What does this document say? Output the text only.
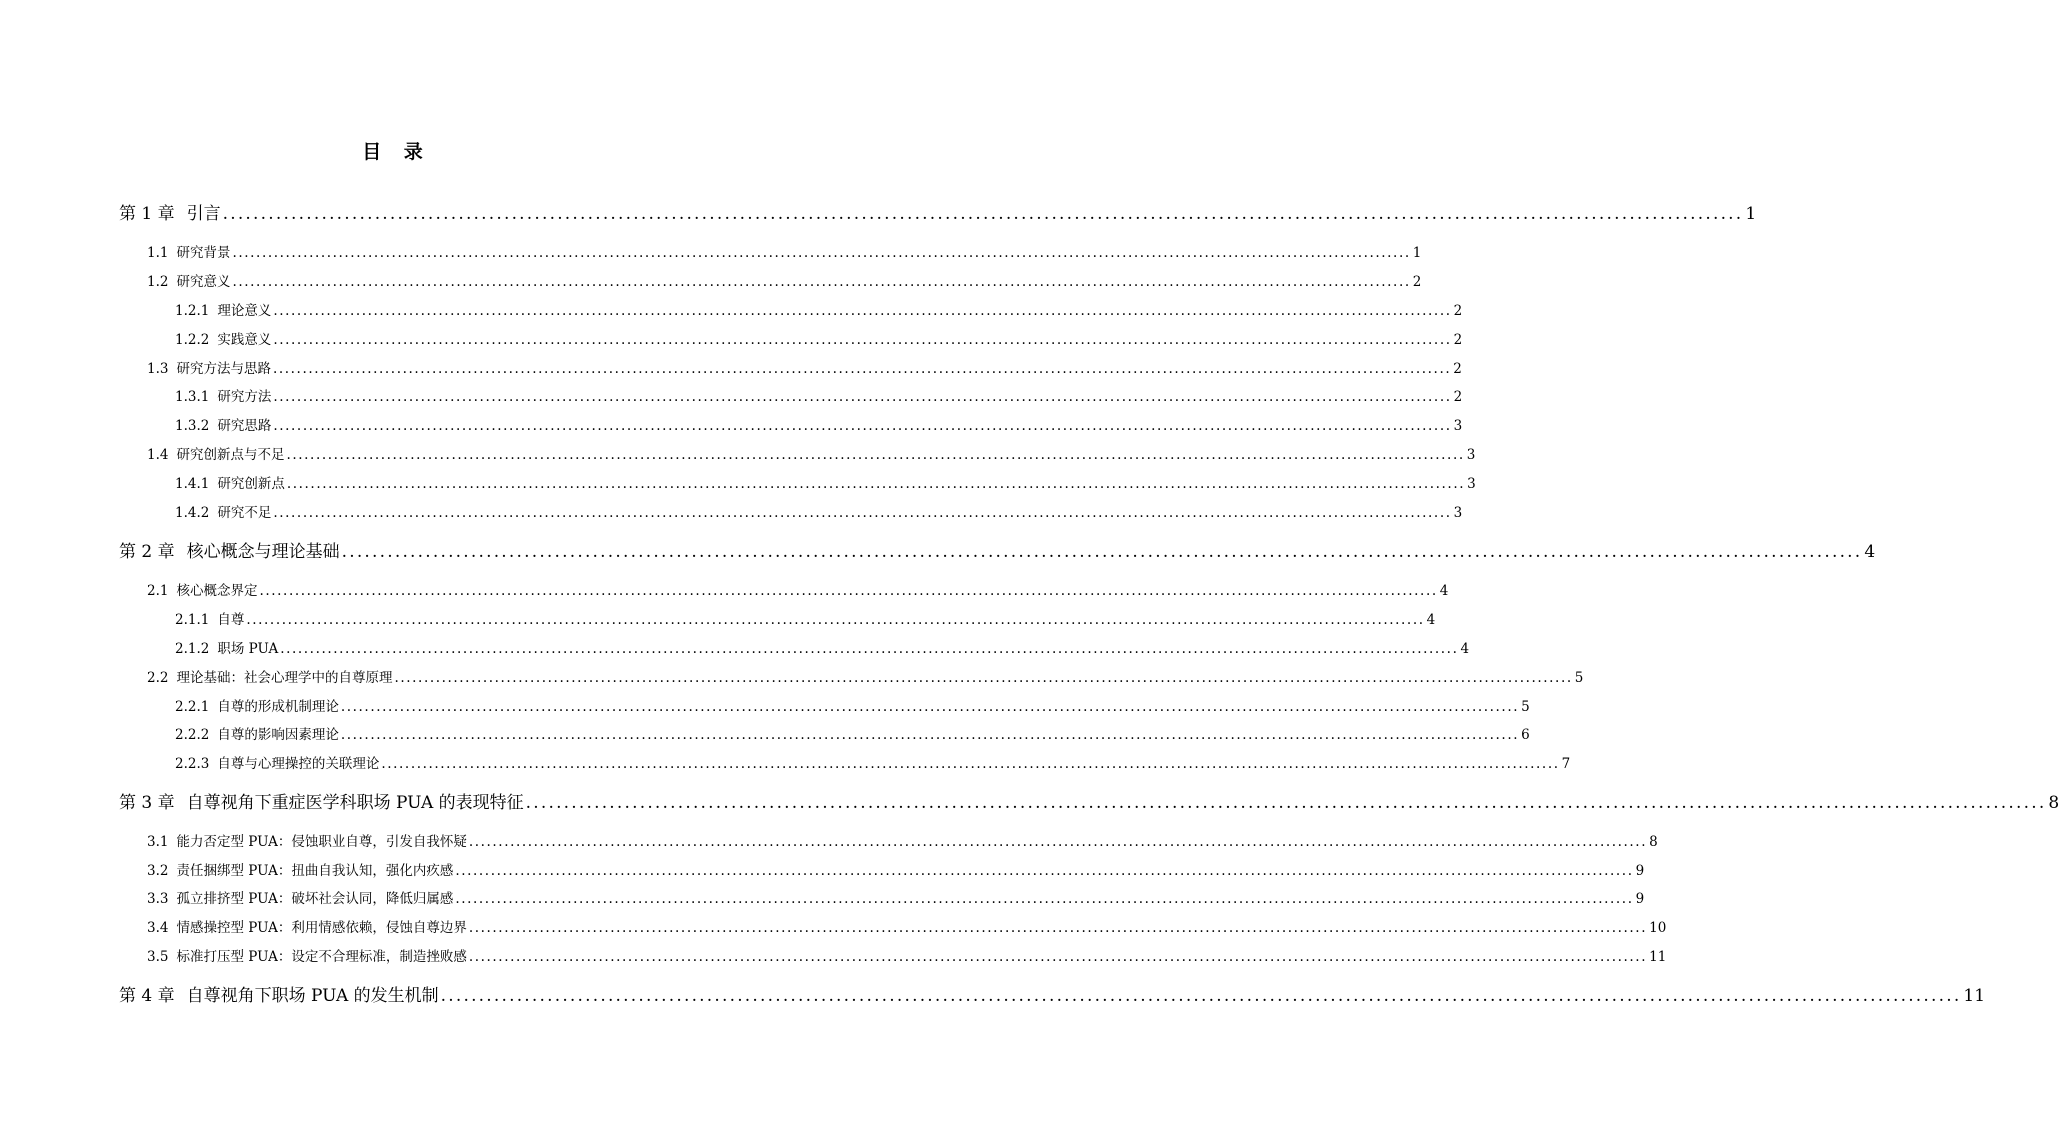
目 录
第 1 章 引言 ........................................................................................................................................................................................................ 1
1.1 研究背景 ........................................................................................................................................................................................................ 1
1.2 研究意义 ........................................................................................................................................................................................................ 2
1.2.1 理论意义 ........................................................................................................................................................................................................ 2
1.2.2 实践意义 ........................................................................................................................................................................................................ 2
1.3 研究方法与思路 ........................................................................................................................................................................................................ 2
1.3.1 研究方法 ........................................................................................................................................................................................................ 2
1.3.2 研究思路 ........................................................................................................................................................................................................ 3
1.4 研究创新点与不足 ........................................................................................................................................................................................................ 3
1.4.1 研究创新点 ........................................................................................................................................................................................................ 3
1.4.2 研究不足 ........................................................................................................................................................................................................ 3
第 2 章 核心概念与理论基础 ........................................................................................................................................................................................................ 4
2.1 核心概念界定 ........................................................................................................................................................................................................ 4
2.1.1 自尊 ........................................................................................................................................................................................................ 4
2.1.2 职场 PUA ........................................................................................................................................................................................................ 4
2.2 理论基础：社会心理学中的自尊原理 ........................................................................................................................................................................................................ 5
2.2.1 自尊的形成机制理论 ........................................................................................................................................................................................................ 5
2.2.2 自尊的影响因素理论 ........................................................................................................................................................................................................ 6
2.2.3 自尊与心理操控的关联理论 ........................................................................................................................................................................................................ 7
第 3 章 自尊视角下重症医学科职场 PUA 的表现特征 ........................................................................................................................................................................................................ 8
3.1 能力否定型 PUA：侵蚀职业自尊，引发自我怀疑 ........................................................................................................................................................................................................ 8
3.2 责任捆绑型 PUA：扭曲自我认知，强化内疚感 ........................................................................................................................................................................................................ 9
3.3 孤立排挤型 PUA：破坏社会认同，降低归属感 ........................................................................................................................................................................................................ 9
3.4 情感操控型 PUA：利用情感依赖，侵蚀自尊边界 ........................................................................................................................................................................................................ 10
3.5 标准打压型 PUA：设定不合理标准，制造挫败感 ........................................................................................................................................................................................................ 11
第 4 章 自尊视角下职场 PUA 的发生机制 ........................................................................................................................................................................................................ 11
